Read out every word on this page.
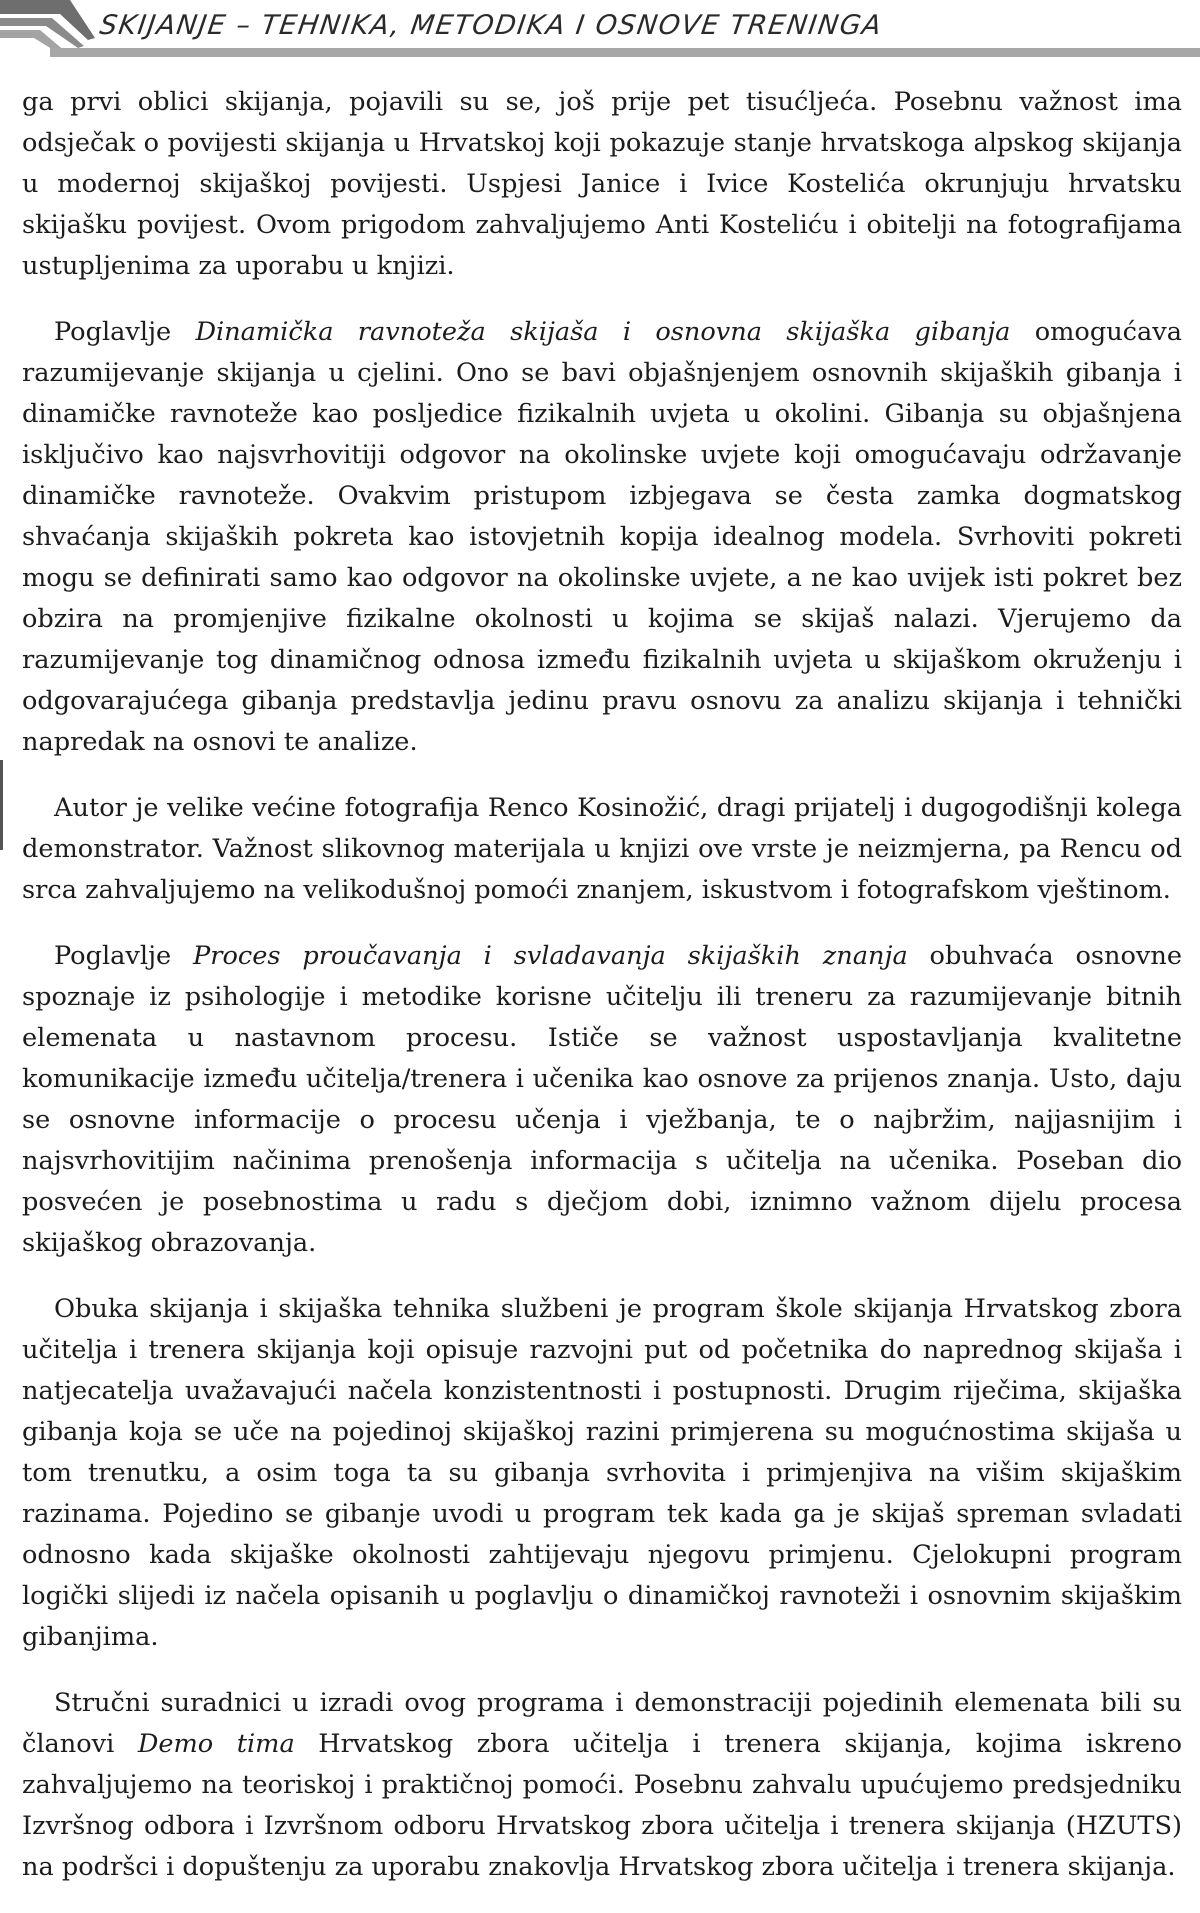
SKIJANJE – TEHNIKA, METODIKA I OSNOVE TRENINGA

ga prvi oblici skijanja, pojavili su se, još prije pet tisućljeća. Posebnu važnost ima odsječak o povijesti skijanja u Hrvatskoj koji pokazuje stanje hrvatskoga alpskog skijanja u modernoj skijaškoj povijesti. Uspjesi Janice i Ivice Kostelića okrunjuju hrvatsku skijašku povijest. Ovom prigodom zahvaljujemo Anti Kosteliću i obitelji na fotografijama ustupljenima za uporabu u knjizi.

Poglavlje Dinamička ravnoteža skijaša i osnovna skijaška gibanja omogućava razumijevanje skijanja u cjelini. Ono se bavi objašnjenjem osnovnih skijaških gibanja i dinamičke ravnoteže kao posljedice fizikalnih uvjeta u okolini. Gibanja su objašnjena isključivo kao najsvrhovitiji odgovor na okolinske uvjete koji omogućavaju održavanje dinamičke ravnoteže. Ovakvim pristupom izbjegava se česta zamka dogmatskog shvaćanja skijaških pokreta kao istovjetnih kopija idealnog modela. Svrhoviti pokreti mogu se definirati samo kao odgovor na okolinske uvjete, a ne kao uvijek isti pokret bez obzira na promjenjive fizikalne okolnosti u kojima se skijaš nalazi. Vjerujemo da razumijevanje tog dinamičnog odnosa između fizikalnih uvjeta u skijaškom okruženju i odgovarajućega gibanja predstavlja jedinu pravu osnovu za analizu skijanja i tehnički napredak na osnovi te analize.

Autor je velike većine fotografija Renco Kosinožić, dragi prijatelj i dugogodišnji kolega demonstrator. Važnost slikovnog materijala u knjizi ove vrste je neizmjerna, pa Rencu od srca zahvaljujemo na velikodušnoj pomoći znanjem, iskustvom i fotografskom vještinom.

Poglavlje Proces proučavanja i svladavanja skijaških znanja obuhvaća osnovne spoznaje iz psihologije i metodike korisne učitelju ili treneru za razumijevanje bitnih elemenata u nastavnom procesu. Ističe se važnost uspostavljanja kvalitetne komunikacije između učitelja/trenera i učenika kao osnove za prijenos znanja. Usto, daju se osnovne informacije o procesu učenja i vježbanja, te o najbržim, najjasnijim i najsvrhovitijim načinima prenošenja informacija s učitelja na učenika. Poseban dio posvećen je posebnostima u radu s dječjom dobi, iznimno važnom dijelu procesa skijaškog obrazovanja.

Obuka skijanja i skijaška tehnika službeni je program škole skijanja Hrvatskog zbora učitelja i trenera skijanja koji opisuje razvojni put od početnika do naprednog skijaša i natjecatelja uvažavajući načela konzistentnosti i postupnosti. Drugim riječima, skijaška gibanja koja se uče na pojedinoj skijaškoj razini primjerena su mogućnostima skijaša u tom trenutku, a osim toga ta su gibanja svrhovita i primjenjiva na višim skijaškim razinama. Pojedino se gibanje uvodi u program tek kada ga je skijaš spreman svladati odnosno kada skijaške okolnosti zahtijevaju njegovu primjenu. Cjelokupni program logički slijedi iz načela opisanih u poglavlju o dinamičkoj ravnoteži i osnovnim skijaškim gibanjima.

Stručni suradnici u izradi ovog programa i demonstraciji pojedinih elemenata bili su članovi Demo tima Hrvatskog zbora učitelja i trenera skijanja, kojima iskreno zahvaljujemo na teoriskoj i praktičnoj pomoći. Posebnu zahvalu upućujemo predsjedniku Izvršnog odbora i Izvršnom odboru Hrvatskog zbora učitelja i trenera skijanja (HZUTS) na podršci i dopuštenju za uporabu znakovlja Hrvatskog zbora učitelja i trenera skijanja.
